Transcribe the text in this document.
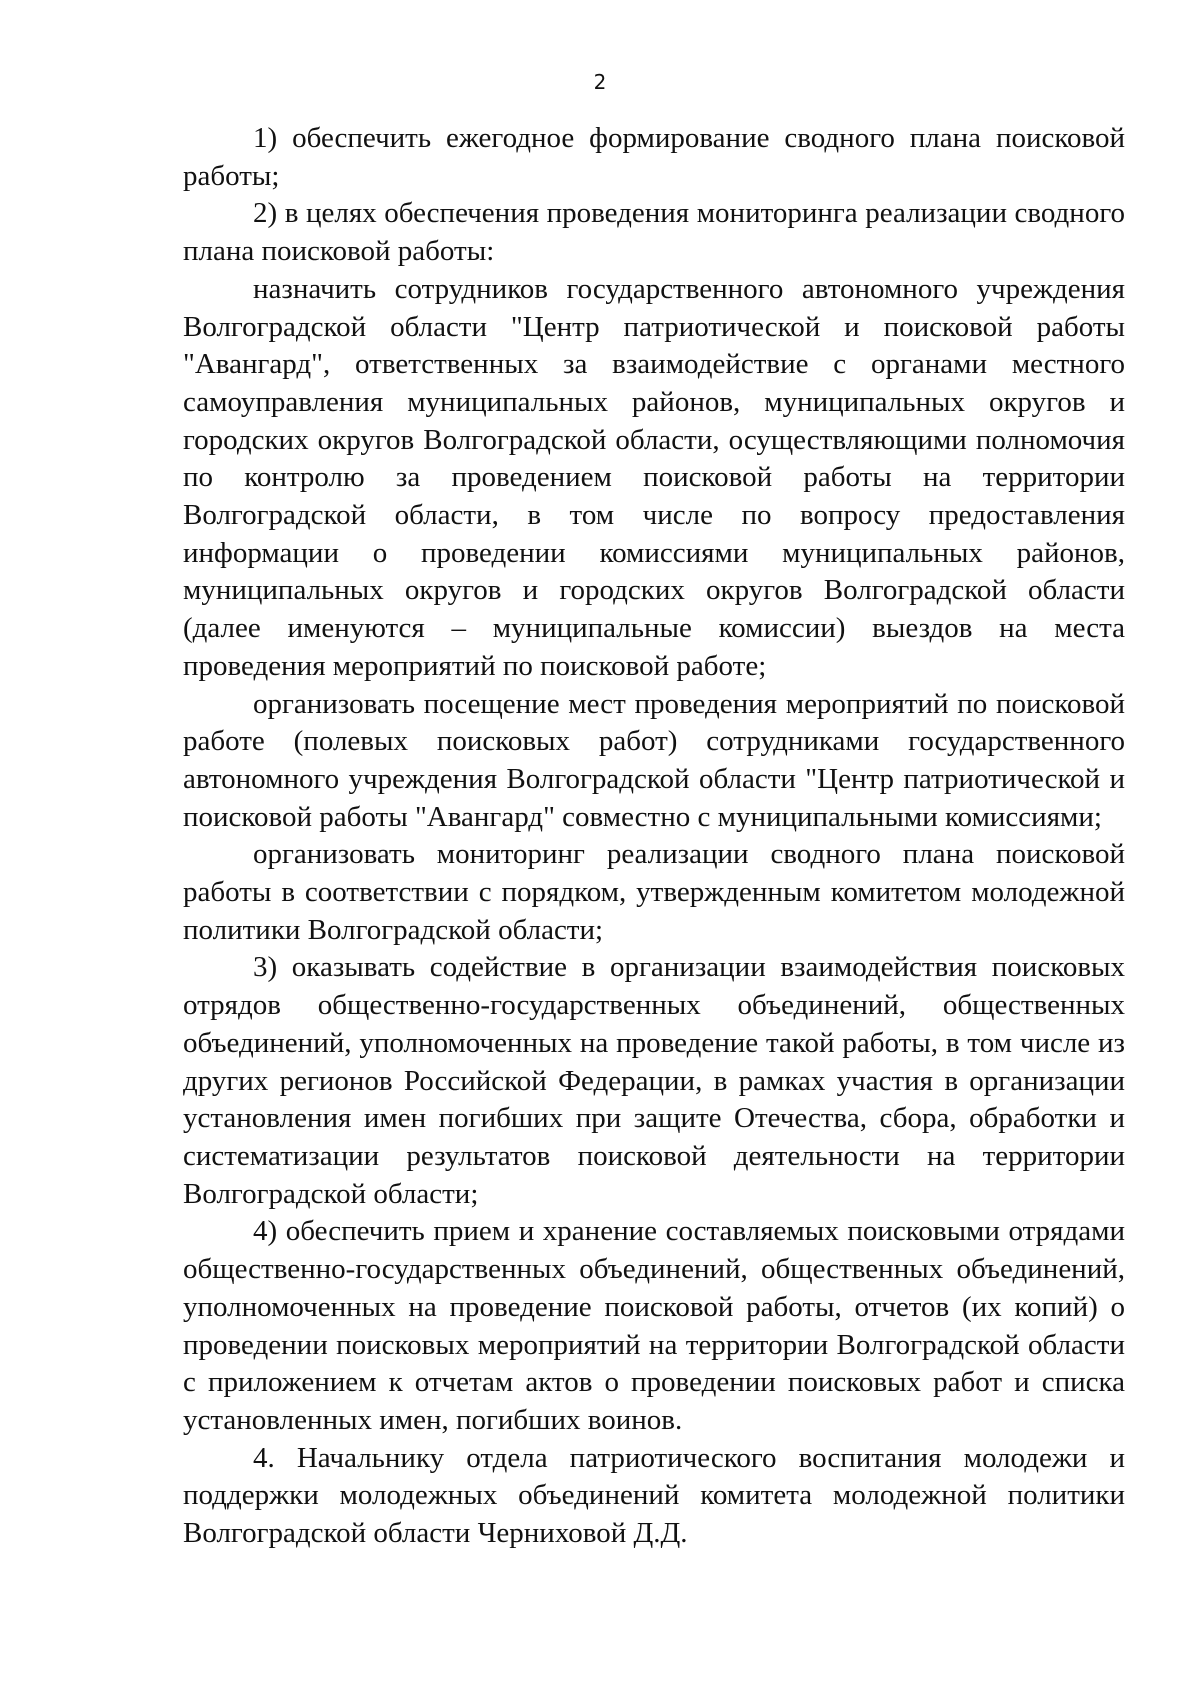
2

1) обеспечить ежегодное формирование сводного плана поисковой работы;

2) в целях обеспечения проведения мониторинга реализации сводного плана поисковой работы:

назначить сотрудников государственного автономного учреждения Волгоградской области "Центр патриотической и поисковой работы "Авангард", ответственных за взаимодействие с органами местного самоуправления муниципальных районов, муниципальных округов и городских округов Волгоградской области, осуществляющими полномочия по контролю за проведением поисковой работы на территории Волгоградской области, в том числе по вопросу предоставления информации о проведении комиссиями муниципальных районов, муниципальных округов и городских округов Волгоградской области (далее именуются – муниципальные комиссии) выездов на места проведения мероприятий по поисковой работе;

организовать посещение мест проведения мероприятий по поисковой работе (полевых поисковых работ) сотрудниками государственного автономного учреждения Волгоградской области "Центр патриотической и поисковой работы "Авангард" совместно с муниципальными комиссиями;

организовать мониторинг реализации сводного плана поисковой работы в соответствии с порядком, утвержденным комитетом молодежной политики Волгоградской области;

3) оказывать содействие в организации взаимодействия поисковых отрядов общественно-государственных объединений, общественных объединений, уполномоченных на проведение такой работы, в том числе из других регионов Российской Федерации, в рамках участия в организации установления имен погибших при защите Отечества, сбора, обработки и систематизации результатов поисковой деятельности на территории Волгоградской области;

4) обеспечить прием и хранение составляемых поисковыми отрядами общественно-государственных объединений, общественных объединений, уполномоченных на проведение поисковой работы, отчетов (их копий) о проведении поисковых мероприятий на территории Волгоградской области с приложением к отчетам актов о проведении поисковых работ и списка установленных имен, погибших воинов.

4. Начальнику отдела патриотического воспитания молодежи и поддержки молодежных объединений комитета молодежной политики Волгоградской области Черниховой Д.Д.
